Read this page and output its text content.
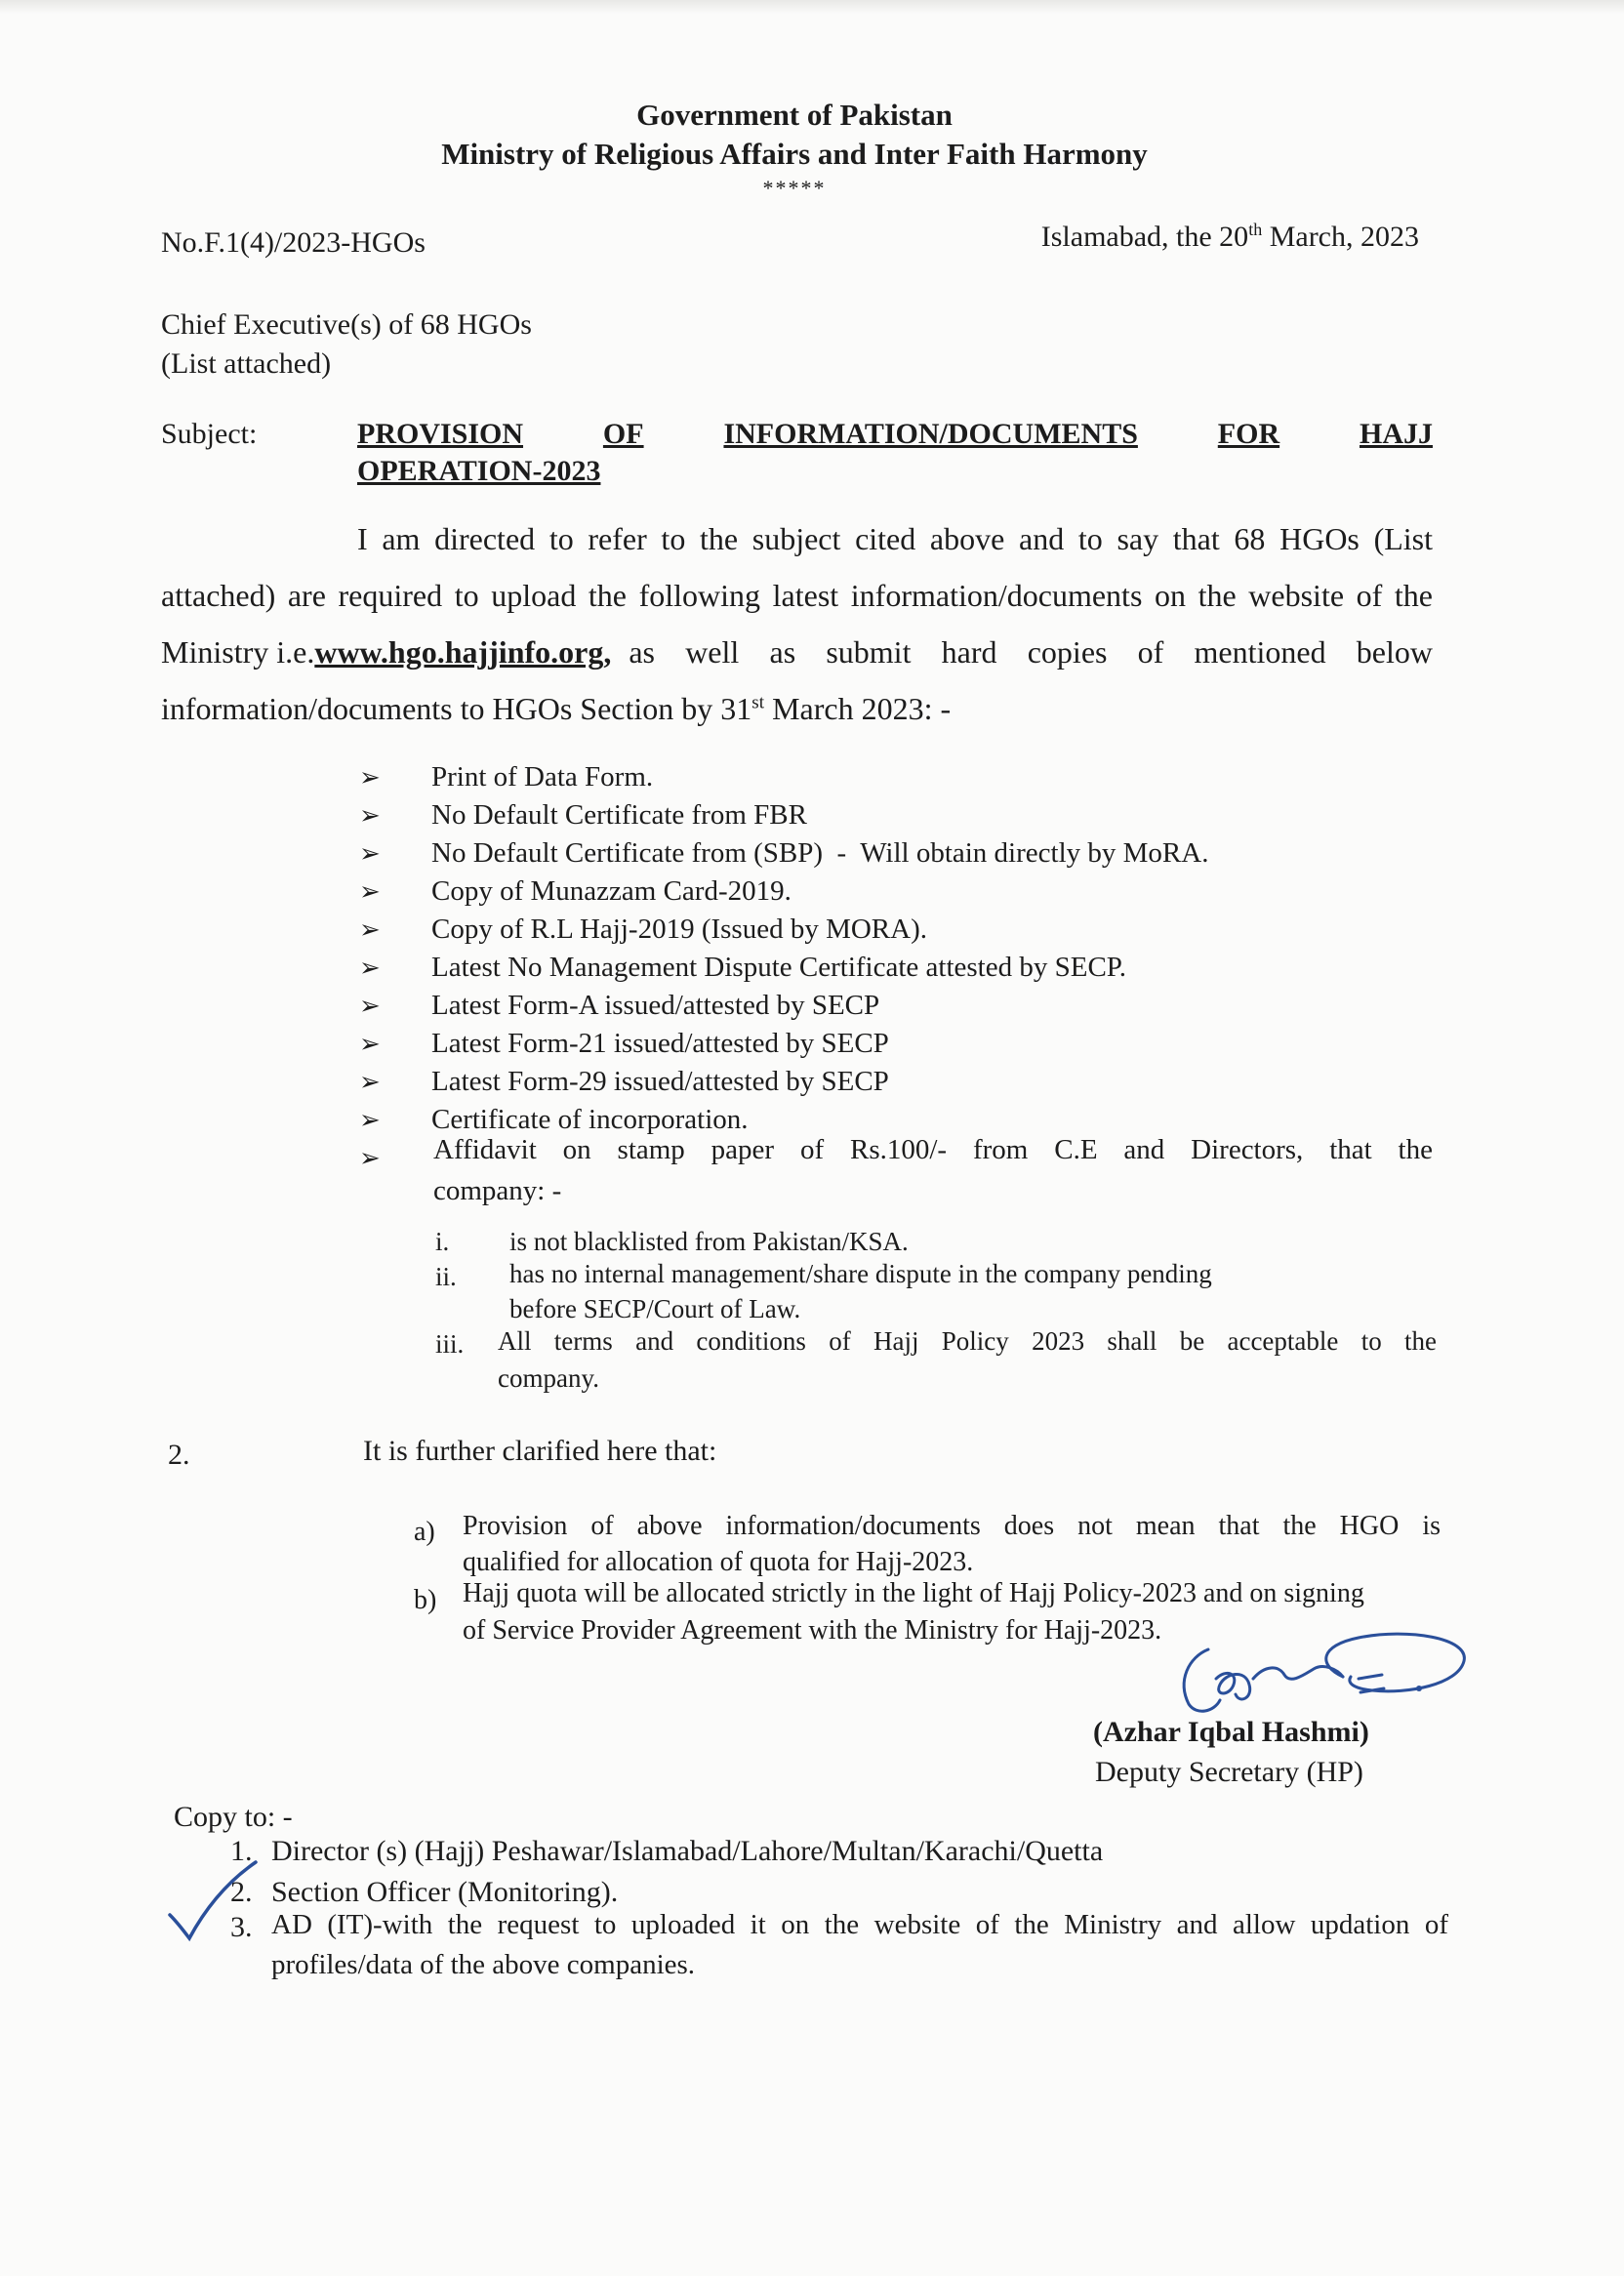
Government of Pakistan
Ministry of Religious Affairs and Inter Faith Harmony
*****
No.F.1(4)/2023-HGOs	Islamabad, the 20th March, 2023
Chief Executive(s) of 68 HGOs
(List attached)
Subject:	PROVISION	OF	INFORMATION/DOCUMENTS	FOR	HAJJ
OPERATION-2023
I am directed to refer to the subject cited above and to say that 68 HGOs (List
attached) are required to upload the following latest information/documents on the website of the
Ministry i.e.www.hgo.hajjinfo.org, as well as submit hard copies of mentioned below
information/documents to HGOs Section by 31st March 2023: -
➢ Print of Data Form.
➢ No Default Certificate from FBR
➢ No Default Certificate from (SBP)  -  Will obtain directly by MoRA.
➢ Copy of Munazzam Card-2019.
➢ Copy of R.L Hajj-2019 (Issued by MORA).
➢ Latest No Management Dispute Certificate attested by SECP.
➢ Latest Form-A issued/attested by SECP
➢ Latest Form-21 issued/attested by SECP
➢ Latest Form-29 issued/attested by SECP
➢ Certificate of incorporation.
➢ Affidavit on stamp paper of Rs.100/- from C.E and Directors, that the
company: -
i. is not blacklisted from Pakistan/KSA.
ii. has no internal management/share dispute in the company pending
before SECP/Court of Law.
iii. All terms and conditions of Hajj Policy 2023 shall be acceptable to the
company.
2.	It is further clarified here that:
a) Provision of above information/documents does not mean that the HGO is
qualified for allocation of quota for Hajj-2023.
b) Hajj quota will be allocated strictly in the light of Hajj Policy-2023 and on signing
of Service Provider Agreement with the Ministry for Hajj-2023.
(Azhar Iqbal Hashmi)
Deputy Secretary (HP)
Copy to: -
1. Director (s) (Hajj) Peshawar/Islamabad/Lahore/Multan/Karachi/Quetta
2. Section Officer (Monitoring).
3. AD (IT)-with the request to uploaded it on the website of the Ministry and allow updation of
profiles/data of the above companies.
